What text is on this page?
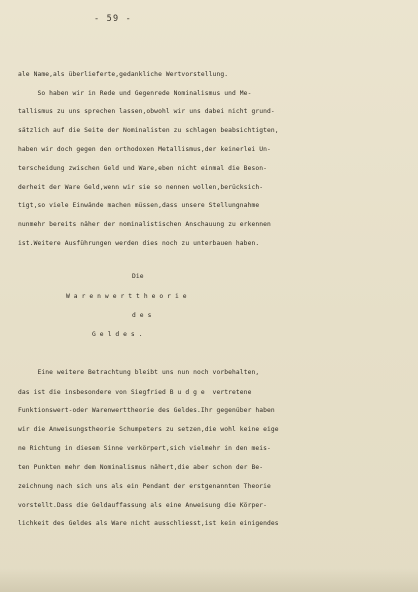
- 59 -
ale Name,als überlieferte,gedankliche Wertvorstellung.
So haben wir in Rede und Gegenrede Nominalismus und Me-
tallismus zu uns sprechen lassen,obwohl wir uns dabei nicht grund-
sätzlich auf die Seite der Nominalisten zu schlagen beabsichtigten,
haben wir doch gegen den orthodoxen Metallismus,der keinerlei Un-
terscheidung zwischen Geld und Ware,eben nicht einmal die Beson-
derheit der Ware Geld,wenn wir sie so nennen wollen,berücksich-
tigt,so viele Einwände machen müssen,dass unsere Stellungnahme
nunmehr bereits näher der nominalistischen Anschauung zu erkennen
ist.Weitere Ausführungen werden dies noch zu unterbauen haben.
Die
W a r e n w e r t t h e o r i e
d e s
G e l d e s .
Eine weitere Betrachtung bleibt uns nun noch vorbehalten,
das ist die insbesondere von Siegfried B u d g e  vertretene
Funktionswert-oder Warenwerttheorie des Geldes.Ihr gegenüber haben
wir die Anweisungstheorie Schumpeters zu setzen,die wohl keine eige
ne Richtung in diesem Sinne verkörpert,sich vielmehr in den meis-
ten Punkten mehr dem Nominalismus nähert,die aber schon der Be-
zeichnung nach sich uns als ein Pendant der erstgenannten Theorie
vorstellt.Dass die Geldauffassung als eine Anweisung die Körper-
lichkeit des Geldes als Ware nicht ausschliesst,ist kein einigendes
